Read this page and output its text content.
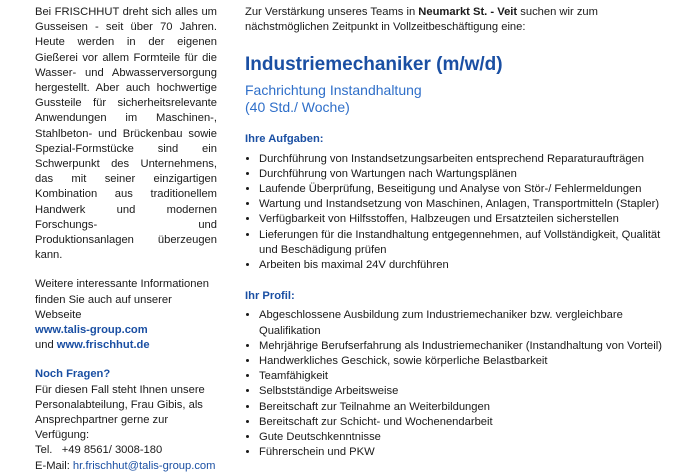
Bei FRISCHHUT dreht sich alles um Gusseisen - seit über 70 Jahren. Heute werden in der eigenen Gießerei vor allem Formteile für die Wasser- und Abwasserversorgung hergestellt. Aber auch hochwertige Gussteile für sicherheitsrelevante Anwendungen im Maschinen-, Stahlbeton- und Brückenbau sowie Spezial-Formstücke sind ein Schwerpunkt des Unternehmens, das mit seiner einzigartigen Kombination aus traditionellem Handwerk und modernen Forschungs- und Produktionsanlagen überzeugen kann.

Weitere interessante Informationen finden Sie auch auf unserer Webseite
www.talis-group.com
und www.frischhut.de

Noch Fragen?

Für diesen Fall steht Ihnen unsere Personalabteilung, Frau Gibis, als Ansprechpartner gerne zur Verfügung:

Tel. +49 8561/ 3008-180

E-Mail: hr.frischhut@talis-group.com

Zur Verstärkung unseres Teams in Neumarkt St. - Veit suchen wir zum nächstmöglichen Zeitpunkt in Vollzeitbeschäftigung eine:

Industriemechaniker (m/w/d)

Fachrichtung Instandhaltung

(40 Std./ Woche)

Ihre Aufgaben:
• Durchführung von Instandsetzungsarbeiten entsprechend Reparaturaufträgen
• Durchführung von Wartungen nach Wartungsplänen
• Laufende Überprüfung, Beseitigung und Analyse von Stör-/ Fehlermeldungen
• Wartung und Instandsetzung von Maschinen, Anlagen, Transportmitteln (Stapler)
• Verfügbarkeit von Hilfsstoffen, Halbzeugen und Ersatzteilen sicherstellen
• Lieferungen für die Instandhaltung entgegennehmen, auf Vollständigkeit, Qualität und Beschädigung prüfen
• Arbeiten bis maximal 24V durchführen
Ihr Profil:
• Abgeschlossene Ausbildung zum Industriemechaniker bzw. vergleichbare Qualifikation
• Mehrjährige Berufserfahrung als Industriemechaniker (Instandhaltung von Vorteil)
• Handwerkliches Geschick, sowie körperliche Belastbarkeit
• Teamfähigkeit
• Selbstständige Arbeitsweise
• Bereitschaft zur Teilnahme an Weiterbildungen
• Bereitschaft zur Schicht- und Wochenendarbeit
• Gute Deutschkenntnisse
• Führerschein und PKW
